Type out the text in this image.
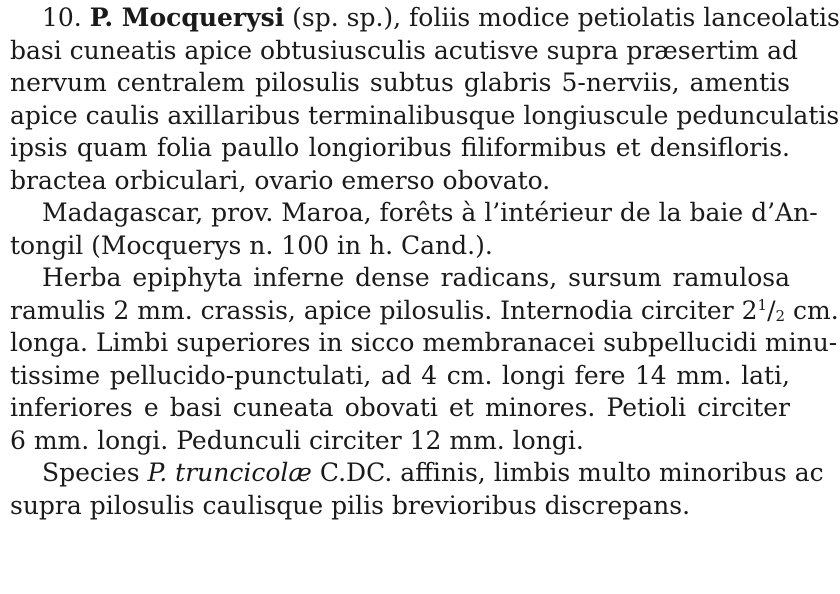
10. P. Mocquerysi (sp. sp.), foliis modice petiolatis lanceolatis
basi cuneatis apice obtusiusculis acutisve supra præsertim ad
nervum centralem pilosulis subtus glabris 5-nerviis, amentis
apice caulis axillaribus terminalibusque longiuscule pedunculatis
ipsis quam folia paullo longioribus filiformibus et densifloris.
bractea orbiculari, ovario emerso obovato.
Madagascar, prov. Maroa, forêts à l’intérieur de la baie d’An-
tongil (Mocquerys n. 100 in h. Cand.).
Herba epiphyta inferne dense radicans, sursum ramulosa
ramulis 2 mm. crassis, apice pilosulis. Internodia circiter $2^1/2$ cm.
longa. Limbi superiores in sicco membranacei subpellucidi minu-
tissime pellucido-punctulati, ad 4 cm. longi fere 14 mm. lati,
inferiores e basi cuneata obovati et minores. Petioli circiter
6 mm. longi. Pedunculi circiter 12 mm. longi.
Species P. truncicolæ C.DC. affinis, limbis multo minoribus ac
supra pilosulis caulisque pilis brevioribus discrepans.
